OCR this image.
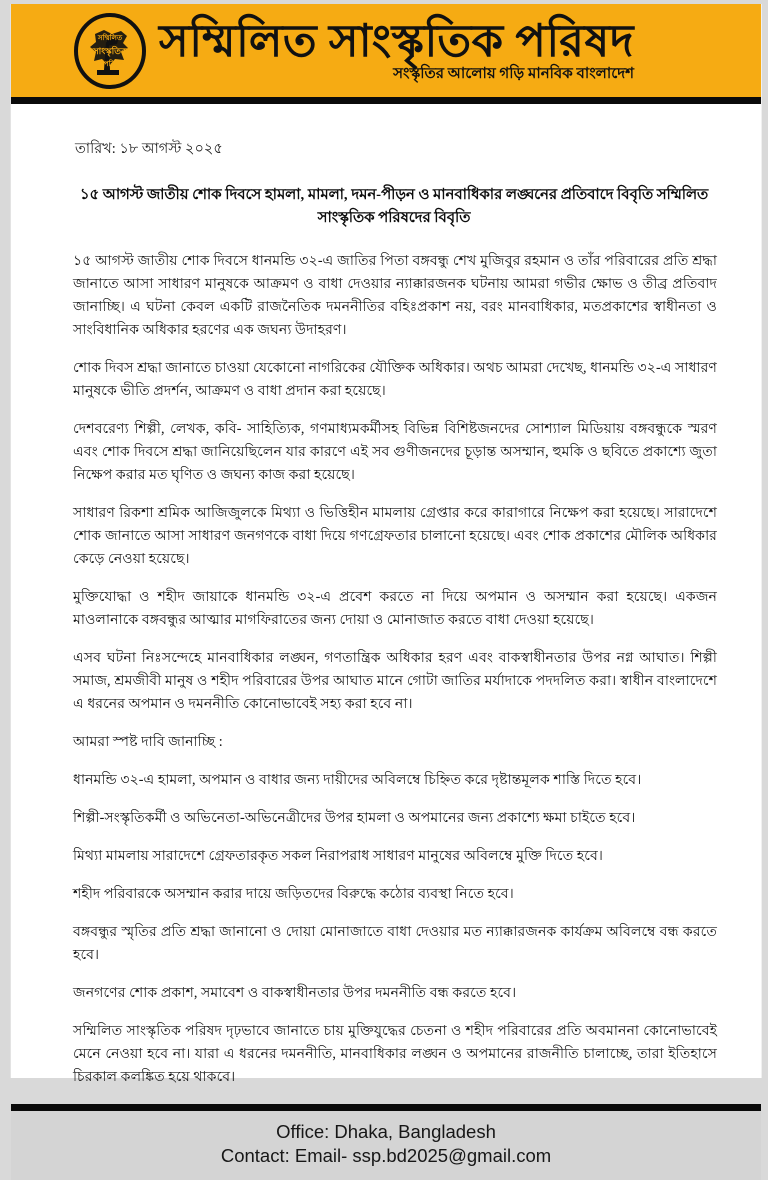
সম্মিলিত
সাংস্কৃতিক
পরিষদ সম্মিলিত সাংস্কৃতিক পরিষদ
সংস্কৃতির আলোয় গড়ি মানবিক বাংলাদেশ
তারিখ: ১৮ আগস্ট ২০২৫
১৫ আগস্ট জাতীয় শোক দিবসে হামলা, মামলা, দমন-পীড়ন ও মানবাধিকার লঙ্ঘনের প্রতিবাদে বিবৃতি সম্মিলিত সাংস্কৃতিক পরিষদের বিবৃতি

১৫ আগস্ট জাতীয় শোক দিবসে ধানমন্ডি ৩২-এ জাতির পিতা বঙ্গবন্ধু শেখ মুজিবুর রহমান ও তাঁর পরিবারের প্রতি শ্রদ্ধা জানাতে আসা সাধারণ মানুষকে আক্রমণ ও বাধা দেওয়ার ন্যাক্কারজনক ঘটনায় আমরা গভীর ক্ষোভ ও তীব্র প্রতিবাদ জানাচ্ছি। এ ঘটনা কেবল একটি রাজনৈতিক দমননীতির বহিঃপ্রকাশ নয়, বরং মানবাধিকার, মতপ্রকাশের স্বাধীনতা ও সাংবিধানিক অধিকার হরণের এক জঘন্য উদাহরণ।

শোক দিবস শ্রদ্ধা জানাতে চাওয়া যেকোনো নাগরিকের যৌক্তিক অধিকার। অথচ আমরা দেখেছ, ধানমন্ডি ৩২-এ সাধারণ মানুষকে ভীতি প্রদর্শন, আক্রমণ ও বাধা প্রদান করা হয়েছে।

দেশবরেণ্য শিল্পী, লেখক, কবি- সাহিত্যিক, গণমাধ্যমকর্মীসহ বিভিন্ন বিশিষ্টজনদের সোশ্যাল মিডিয়ায় বঙ্গবন্ধুকে স্মরণ এবং শোক দিবসে শ্রদ্ধা জানিয়েছিলেন যার কারণে এই সব গুণীজনদের চূড়ান্ত অসম্মান, হুমকি ও ছবিতে প্রকাশ্যে জুতা নিক্ষেপ করার মত ঘৃণিত ও জঘন্য কাজ করা হয়েছে।

সাধারণ রিকশা শ্রমিক আজিজুলকে মিথ্যা ও ভিত্তিহীন মামলায় গ্রেপ্তার করে কারাগারে নিক্ষেপ করা হয়েছে। সারাদেশে শোক জানাতে আসা সাধারণ জনগণকে বাধা দিয়ে গণগ্রেফতার চালানো হয়েছে। এবং শোক প্রকাশের মৌলিক অধিকার কেড়ে নেওয়া হয়েছে।

মুক্তিযোদ্ধা ও শহীদ জায়াকে ধানমন্ডি ৩২-এ প্রবেশ করতে না দিয়ে অপমান ও অসম্মান করা হয়েছে। একজন মাওলানাকে বঙ্গবন্ধুর আত্মার মাগফিরাতের জন্য দোয়া ও মোনাজাত করতে বাধা দেওয়া হয়েছে।

এসব ঘটনা নিঃসন্দেহে মানবাধিকার লঙ্ঘন, গণতান্ত্রিক অধিকার হরণ এবং বাকস্বাধীনতার উপর নগ্ন আঘাত। শিল্পী সমাজ, শ্রমজীবী মানুষ ও শহীদ পরিবারের উপর আঘাত মানে গোটা জাতির মর্যাদাকে পদদলিত করা। স্বাধীন বাংলাদেশে এ ধরনের অপমান ও দমননীতি কোনোভাবেই সহ্য করা হবে না।

আমরা স্পষ্ট দাবি জানাচ্ছি :
ধানমন্ডি ৩২-এ হামলা, অপমান ও বাধার জন্য দায়ীদের অবিলম্বে চিহ্নিত করে দৃষ্টান্তমূলক শাস্তি দিতে হবে।
শিল্পী-সংস্কৃতিকর্মী ও অভিনেতা-অভিনেত্রীদের উপর হামলা ও অপমানের জন্য প্রকাশ্যে ক্ষমা চাইতে হবে।
মিথ্যা মামলায় সারাদেশে গ্রেফতারকৃত সকল নিরাপরাধ সাধারণ মানুষের অবিলম্বে মুক্তি দিতে হবে।
শহীদ পরিবারকে অসম্মান করার দায়ে জড়িতদের বিরুদ্ধে কঠোর ব্যবস্থা নিতে হবে।
বঙ্গবন্ধুর স্মৃতির প্রতি শ্রদ্ধা জানানো ও দোয়া মোনাজাতে বাধা দেওয়ার মত ন্যাক্কারজনক কার্যক্রম অবিলম্বে বন্ধ করতে হবে।
জনগণের শোক প্রকাশ, সমাবেশ ও বাকস্বাধীনতার উপর দমননীতি বন্ধ করতে হবে।

সম্মিলিত সাংস্কৃতিক পরিষদ দৃঢ়ভাবে জানাতে চায় মুক্তিযুদ্ধের চেতনা ও শহীদ পরিবারের প্রতি অবমাননা কোনোভাবেই মেনে নেওয়া হবে না। যারা এ ধরনের দমননীতি, মানবাধিকার লঙ্ঘন ও অপমানের রাজনীতি চালাচ্ছে, তারা ইতিহাসে চিরকাল কলঙ্কিত হয়ে থাকবে।

Office: Dhaka, Bangladesh
Contact: Email- ssp.bd2025@gmail.com
